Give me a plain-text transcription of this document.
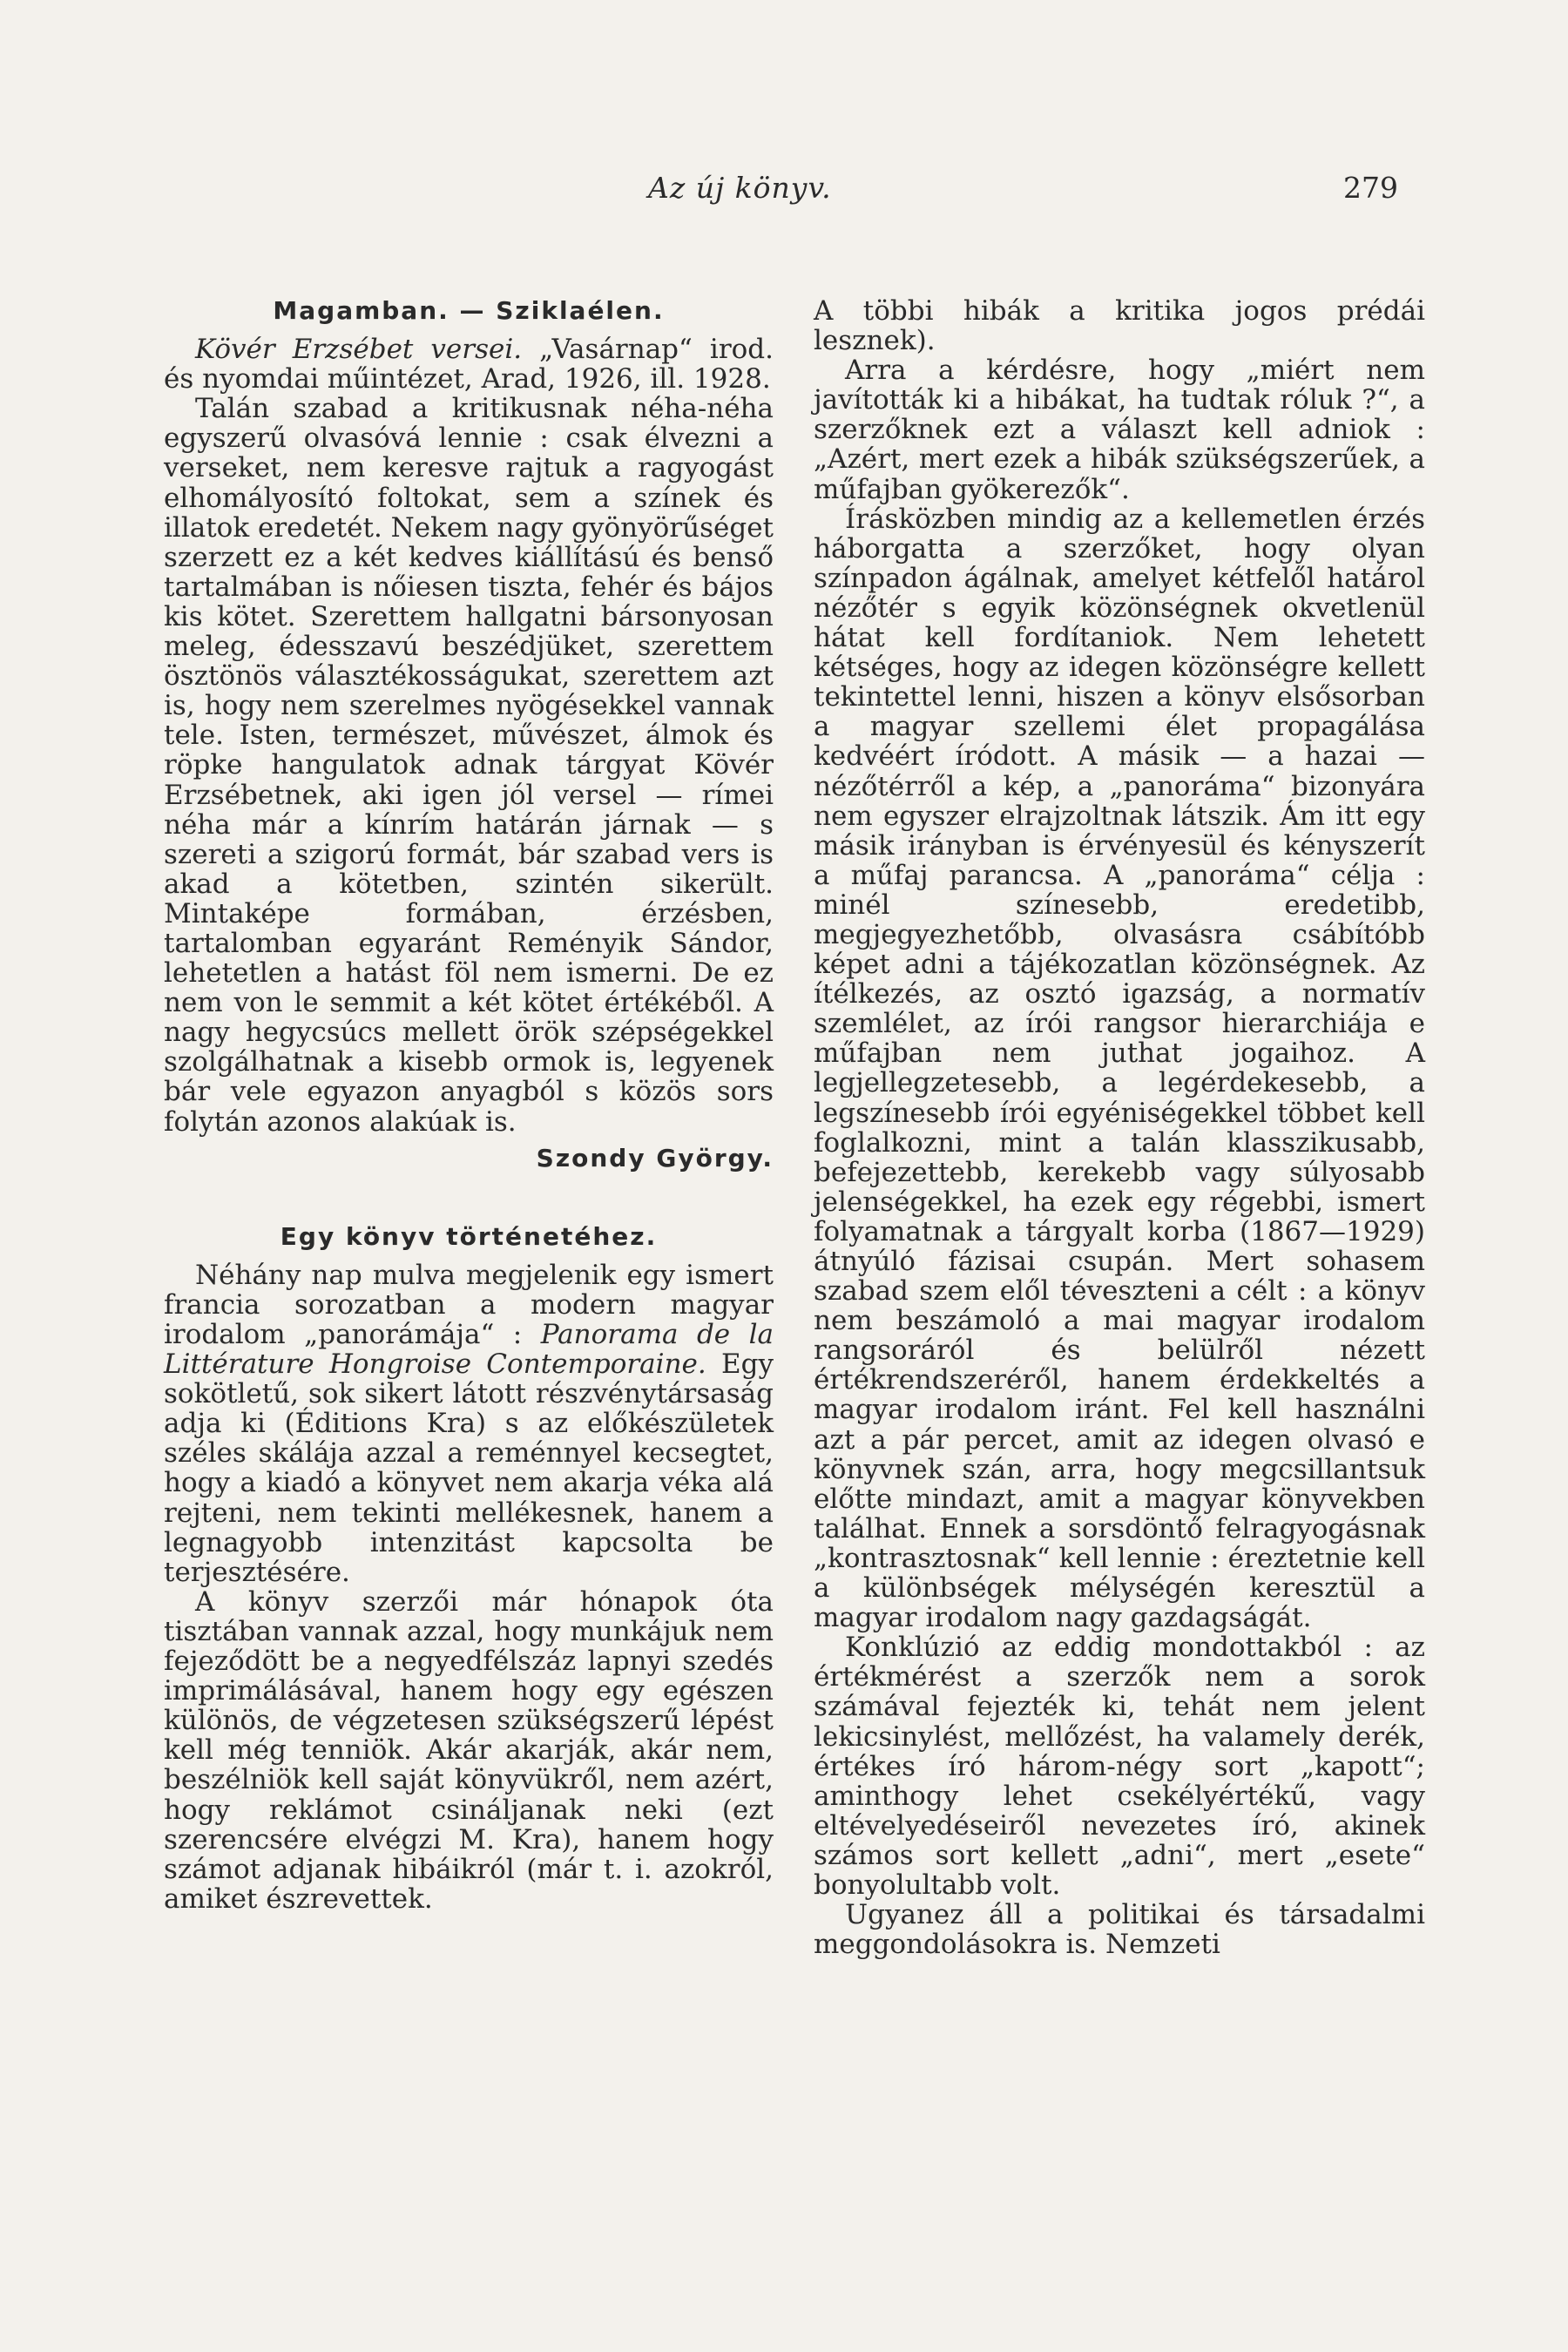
Az új könyv.	279
Magamban. — Sziklaélen.

Kövér Erzsébet versei. „Vasárnap“ irod. és nyomdai műintézet, Arad, 1926, ill. 1928.

Talán szabad a kritikusnak néha-néha egyszerű olvasóvá lennie : csak élvezni a verseket, nem keresve rajtuk a ragyogást elhomályosító foltokat, sem a színek és illatok eredetét. Nekem nagy gyönyörűséget szerzett ez a két kedves kiállítású és benső tartalmában is nőiesen tiszta, fehér és bájos kis kötet. Szerettem hallgatni bársonyosan meleg, édesszavú beszédjüket, szerettem ösztönös választékosságukat, szerettem azt is, hogy nem szerelmes nyögésekkel vannak tele. Isten, természet, művészet, álmok és röpke hangulatok adnak tárgyat Kövér Erzsébetnek, aki igen jól versel — rímei néha már a kínrím határán járnak — s szereti a szigorú formát, bár szabad vers is akad a kötetben, szintén sikerült. Mintaképe formában, érzésben, tartalomban egyaránt Reményik Sándor, lehetetlen a hatást föl nem ismerni. De ez nem von le semmit a két kötet értékéből. A nagy hegycsúcs mellett örök szépségekkel szolgálhatnak a kisebb ormok is, legyenek bár vele egyazon anyagból s közös sors folytán azonos alakúak is.

Szondy György.
Egy könyv történetéhez.

Néhány nap mulva megjelenik egy ismert francia sorozatban a modern magyar irodalom „panorámája“ : Panorama de la Littérature Hongroise Contemporaine. Egy sokötletű, sok sikert látott részvénytársaság adja ki (Éditions Kra) s az előkészületek széles skálája azzal a reménnyel kecsegtet, hogy a kiadó a könyvet nem akarja véka alá rejteni, nem tekinti mellékesnek, hanem a legnagyobb intenzitást kapcsolta be terjesztésére.

A könyv szerzői már hónapok óta tisztában vannak azzal, hogy munkájuk nem fejeződött be a negyedfélszáz lapnyi szedés imprimálásával, hanem hogy egy egészen különös, de végzetesen szükségszerű lépést kell még tenniök. Akár akarják, akár nem, beszélniök kell saját könyvükről, nem azért, hogy reklámot csináljanak neki (ezt szerencsére elvégzi M. Kra), hanem hogy számot adjanak hibáikról (már t. i. azokról, amiket észrevettek.

A többi hibák a kritika jogos prédái lesznek).

Arra a kérdésre, hogy „miért nem javították ki a hibákat, ha tudtak róluk ?“, a szerzőknek ezt a választ kell adniok : „Azért, mert ezek a hibák szükségszerűek, a műfajban gyökerezők“.

Írásközben mindig az a kellemetlen érzés háborgatta a szerzőket, hogy olyan színpadon ágálnak, amelyet kétfelől határol nézőtér s egyik közönségnek okvetlenül hátat kell fordítaniok. Nem lehetett kétséges, hogy az idegen közönségre kellett tekintettel lenni, hiszen a könyv elsősorban a magyar szellemi élet propagálása kedvéért íródott. A másik — a hazai — nézőtérről a kép, a „panoráma“ bizonyára nem egyszer elrajzoltnak látszik. Ám itt egy másik irányban is érvényesül és kényszerít a műfaj parancsa. A „panoráma“ célja : minél színesebb, eredetibb, megjegyezhetőbb, olvasásra csábítóbb képet adni a tájékozatlan közönségnek. Az ítélkezés, az osztó igazság, a normatív szemlélet, az írói rangsor hierarchiája e műfajban nem juthat jogaihoz. A legjellegzetesebb, a legérdekesebb, a legszínesebb írói egyéniségekkel többet kell foglalkozni, mint a talán klasszikusabb, befejezettebb, kerekebb vagy súlyosabb jelenségekkel, ha ezek egy régebbi, ismert folyamatnak a tárgyalt korba (1867—1929) átnyúló fázisai csupán. Mert sohasem szabad szem elől téveszteni a célt : a könyv nem beszámoló a mai magyar irodalom rangsoráról és belülről nézett értékrendszeréről, hanem érdekkeltés a magyar irodalom iránt. Fel kell használni azt a pár percet, amit az idegen olvasó e könyvnek szán, arra, hogy megcsillantsuk előtte mindazt, amit a magyar könyvekben találhat. Ennek a sorsdöntő felragyogásnak „kontrasztosnak“ kell lennie : éreztetnie kell a különbségek mélységén keresztül a magyar irodalom nagy gazdagságát.

Konklúzió az eddig mondottakból : az értékmérést a szerzők nem a sorok számával fejezték ki, tehát nem jelent lekicsinylést, mellőzést, ha valamely derék, értékes író három-négy sort „kapott“; aminthogy lehet csekélyértékű, vagy eltévelyedéseiről nevezetes író, akinek számos sort kellett „adni“, mert „esete“ bonyolultabb volt.

Ugyanez áll a politikai és társadalmi meggondolásokra is. Nemzeti
